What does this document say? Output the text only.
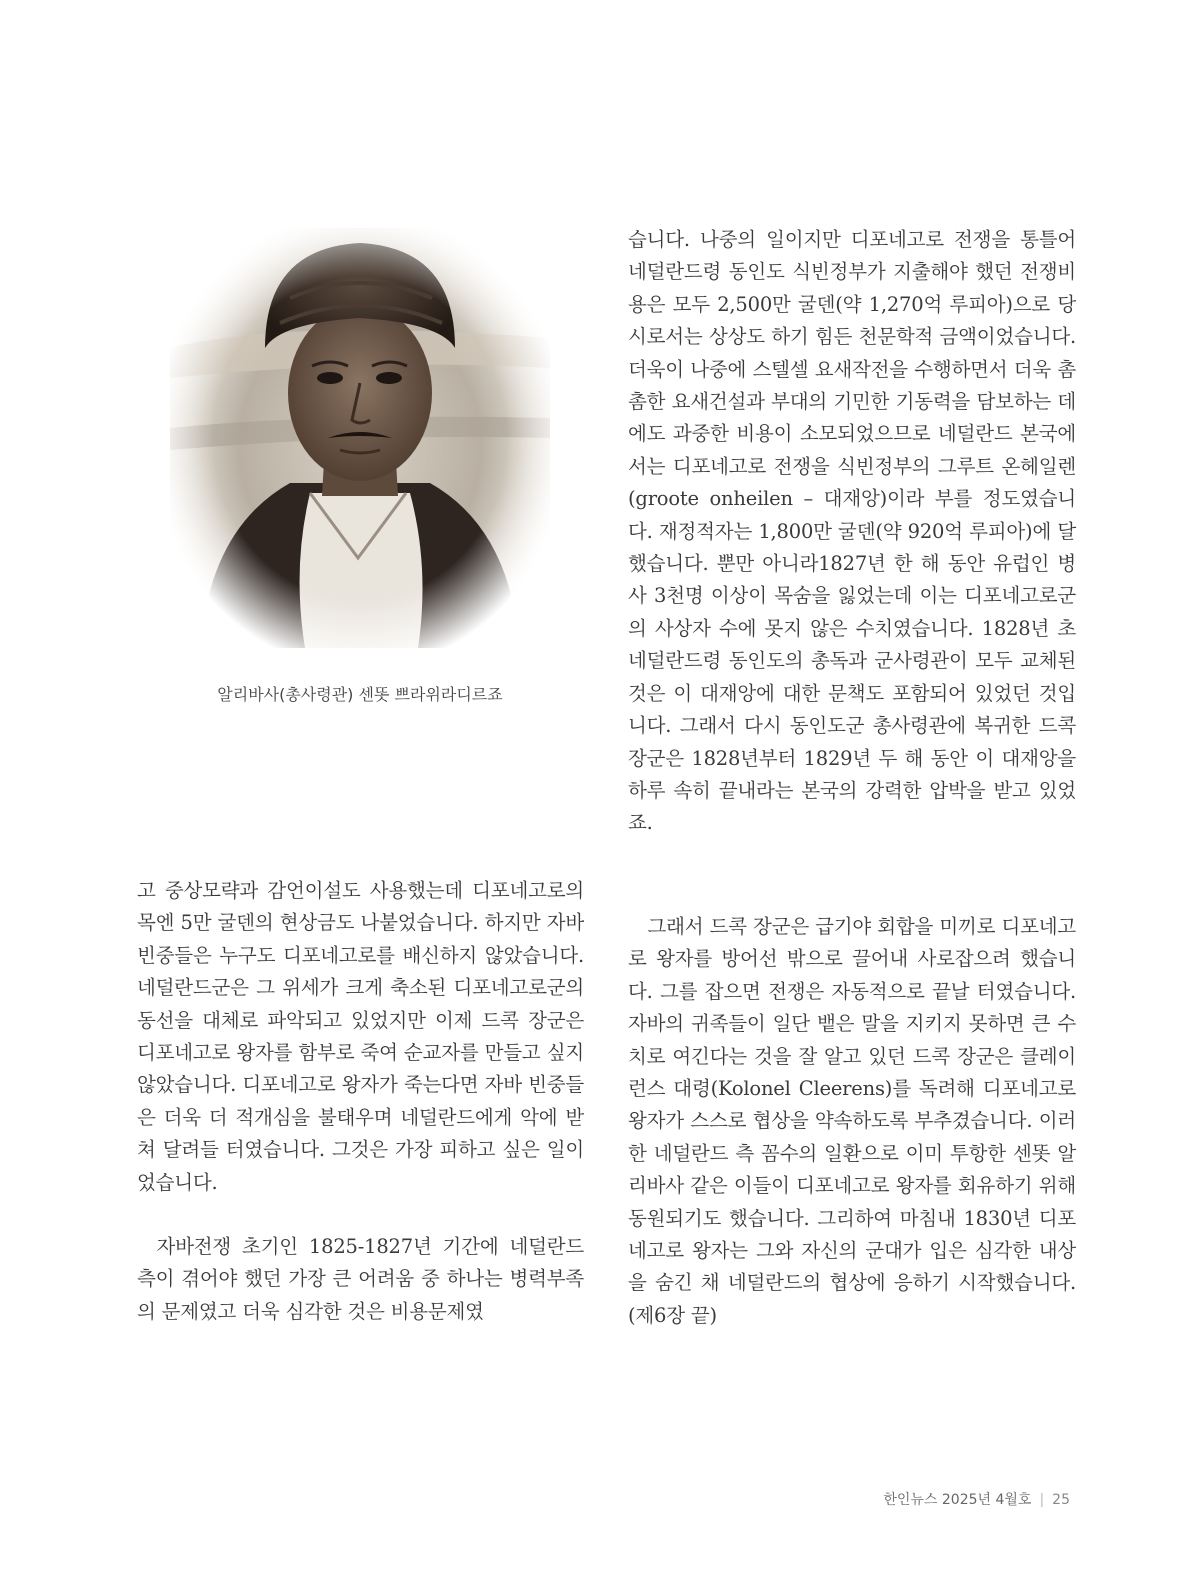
알리바사(총사령관) 센똣 쁘라위라디르죠

고 중상모략과 감언이설도 사용했는데 디포네고로의 목엔 5만 굴덴의 현상금도 나붙었습니다. 하지만 자바 빈중들은 누구도 디포네고로를 배신하지 않았습니다. 네덜란드군은 그 위세가 크게 축소된 디포네고로군의 동선을 대체로 파악되고 있었지만 이제 드콕 장군은 디포네고로 왕자를 함부로 죽여 순교자를 만들고 싶지 않았습니다. 디포네고로 왕자가 죽는다면 자바 빈중들은 더욱 더 적개심을 불태우며 네덜란드에게 악에 받쳐 달려들 터였습니다. 그것은 가장 피하고 싶은 일이었습니다.

자바전쟁 초기인 1825-1827년 기간에 네덜란드 측이 겪어야 했던 가장 큰 어려움 중 하나는 병력부족의 문제였고 더욱 심각한 것은 비용문제였

습니다. 나중의 일이지만 디포네고로 전쟁을 통틀어 네덜란드령 동인도 식빈정부가 지출해야 했던 전쟁비용은 모두 2,500만 굴덴(약 1,270억 루피아)으로 당시로서는 상상도 하기 힘든 천문학적 금액이었습니다. 더욱이 나중에 스텔셀 요새작전을 수행하면서 더욱 촘촘한 요새건설과 부대의 기민한 기동력을 담보하는 데에도 과중한 비용이 소모되었으므로 네덜란드 본국에서는 디포네고로 전쟁을 식빈정부의 그루트 온헤일렌(groote onheilen – 대재앙)이라 부를 정도였습니다. 재정적자는 1,800만 굴덴(약 920억 루피아)에 달했습니다. 뿐만 아니라1827년 한 해 동안 유럽인 병사 3천명 이상이 목숨을 잃었는데 이는 디포네고로군의 사상자 수에 못지 않은 수치였습니다. 1828년 초 네덜란드령 동인도의 총독과 군사령관이 모두 교체된 것은 이 대재앙에 대한 문책도 포함되어 있었던 것입니다. 그래서 다시 동인도군 총사령관에 복귀한 드콕 장군은 1828년부터 1829년 두 해 동안 이 대재앙을 하루 속히 끝내라는 본국의 강력한 압박을 받고 있었죠.

그래서 드콕 장군은 급기야 회합을 미끼로 디포네고로 왕자를 방어선 밖으로 끌어내 사로잡으려 했습니다. 그를 잡으면 전쟁은 자동적으로 끝날 터였습니다. 자바의 귀족들이 일단 뱉은 말을 지키지 못하면 큰 수치로 여긴다는 것을 잘 알고 있던 드콕 장군은 클레이런스 대령(Kolonel Cleerens)를 독려해 디포네고로 왕자가 스스로 협상을 약속하도록 부추겼습니다. 이러한 네덜란드 측 꼼수의 일환으로 이미 투항한 센똣 알리바사 같은 이들이 디포네고로 왕자를 회유하기 위해 동원되기도 했습니다. 그리하여 마침내 1830년 디포네고로 왕자는 그와 자신의 군대가 입은 심각한 내상을 숨긴 채 네덜란드의 협상에 응하기 시작했습니다. (제6장 끝)

한인뉴스 2025년 4월호 | 25
